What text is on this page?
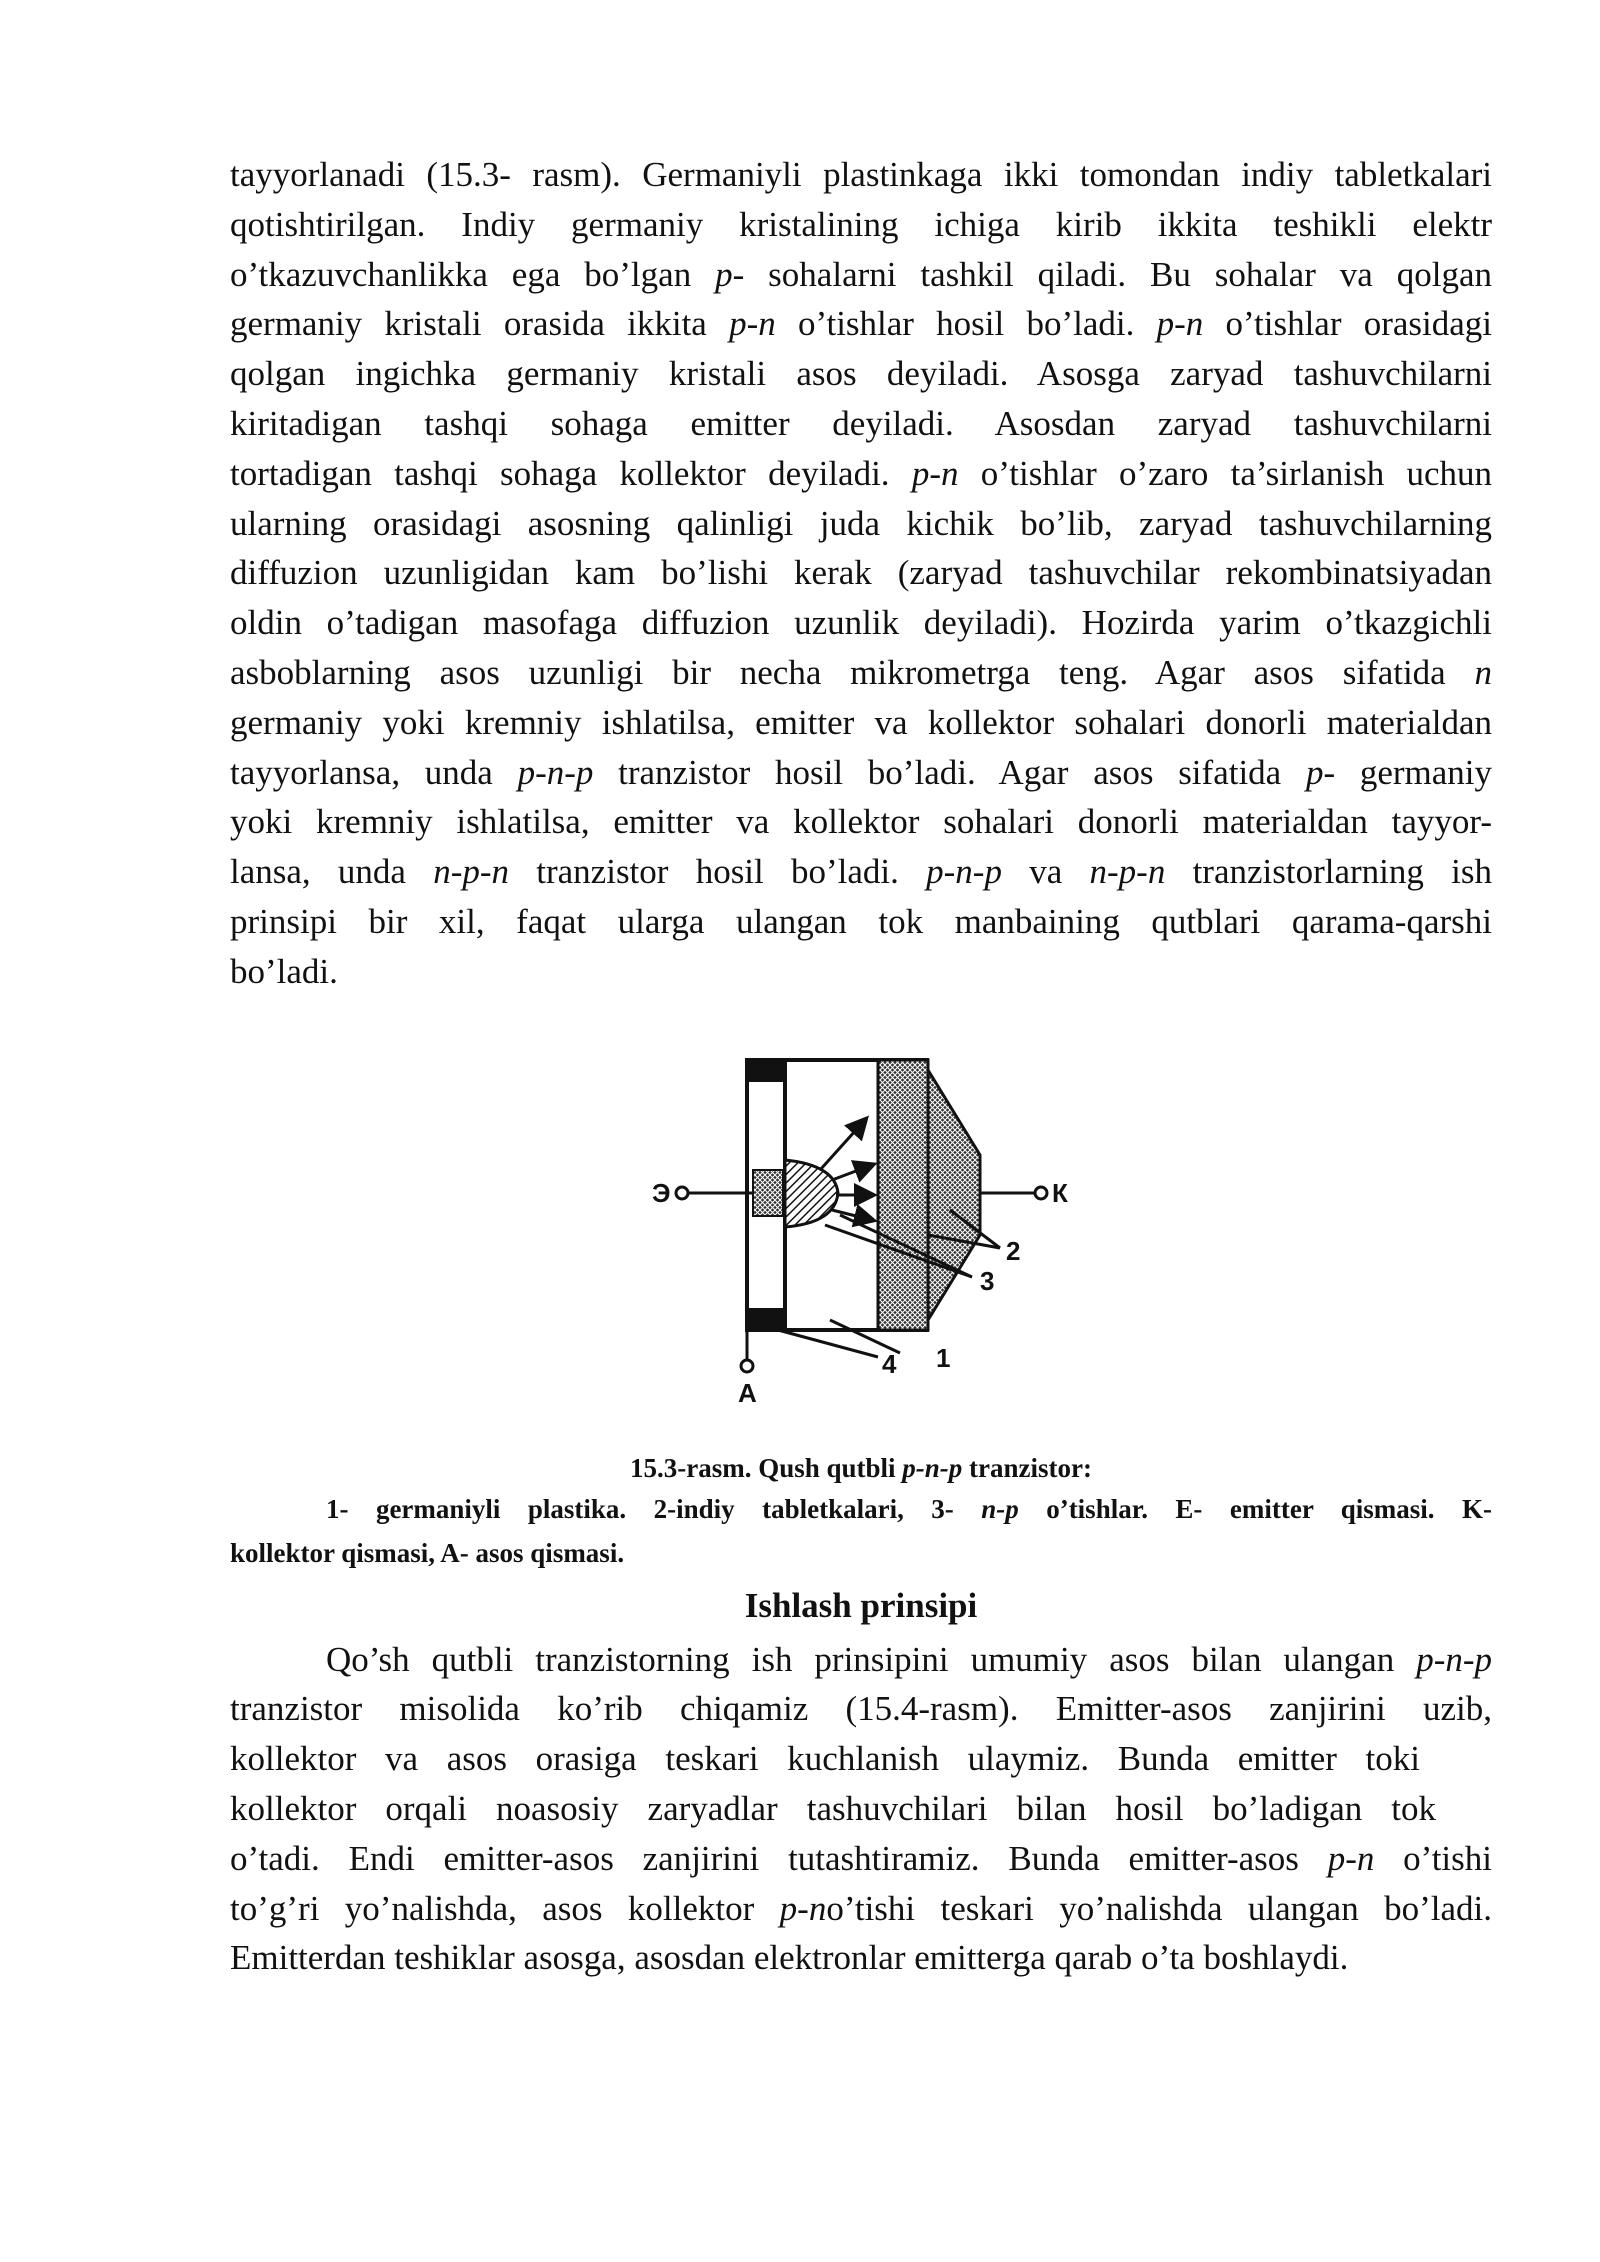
tayyorlanadi (15.3- rasm). Germaniyli plastinkaga ikki tomondan indiy tabletkalari
qotishtirilgan. Indiy germaniy kristalining ichiga kirib ikkita teshikli elektr
o’tkazuvchanlikka ega bo’lgan p- sohalarni tashkil qiladi. Bu sohalar va qolgan
germaniy kristali orasida ikkita p-n o’tishlar hosil bo’ladi. p-n o’tishlar orasidagi
qolgan ingichka germaniy kristali asos deyiladi. Asosga zaryad tashuvchilarni
kiritadigan tashqi sohaga emitter deyiladi. Asosdan zaryad tashuvchilarni
tortadigan tashqi sohaga kollektor deyiladi. p-n o’tishlar o’zaro ta’sirlanish uchun
ularning orasidagi asosning qalinligi juda kichik bo’lib, zaryad tashuvchilarning
diffuzion uzunligidan kam bo’lishi kerak (zaryad tashuvchilar rekombinatsiyadan
oldin o’tadigan masofaga diffuzion uzunlik deyiladi). Hozirda yarim o’tkazgichli
asboblarning asos uzunligi bir necha mikrometrga teng. Agar asos sifatida n
germaniy yoki kremniy ishlatilsa, emitter va kollektor sohalari donorli materialdan
tayyorlansa, unda p-n-p tranzistor hosil bo’ladi. Agar asos sifatida p- germaniy
yoki kremniy ishlatilsa, emitter va kollektor sohalari donorli materialdan tayyor-
lansa, unda n-p-n tranzistor hosil bo’ladi. p-n-p va n-p-n tranzistorlarning ish
prinsipi bir xil, faqat ularga ulangan tok manbaining qutblari qarama-qarshi
bo’ladi.

Э	К
А
2
3
4 1
15.3-rasm. Qush qutbli p-n-p tranzistor:
1- germaniyli plastika. 2-indiy tabletkalari, 3- n-p o’tishlar. E- emitter qismasi. K-
kollektor qismasi, A- asos qismasi.
Ishlash prinsipi

Qo’sh qutbli tranzistorning ish prinsipini umumiy asos bilan ulangan p-n-p
tranzistor misolida ko’rib chiqamiz (15.4-rasm). Emitter-asos zanjirini uzib,
kollektor va asos orasiga teskari kuchlanish ulaymiz. Bunda emitter toki
kollektor orqali noasosiy zaryadlar tashuvchilari bilan hosil bo’ladigan tok
o’tadi. Endi emitter-asos zanjirini tutashtiramiz. Bunda emitter-asos p-n o’tishi
to’g’ri yo’nalishda, asos kollektor p-no’tishi teskari yo’nalishda ulangan bo’ladi.
Emitterdan teshiklar asosga, asosdan elektronlar emitterga qarab o’ta boshlaydi.
